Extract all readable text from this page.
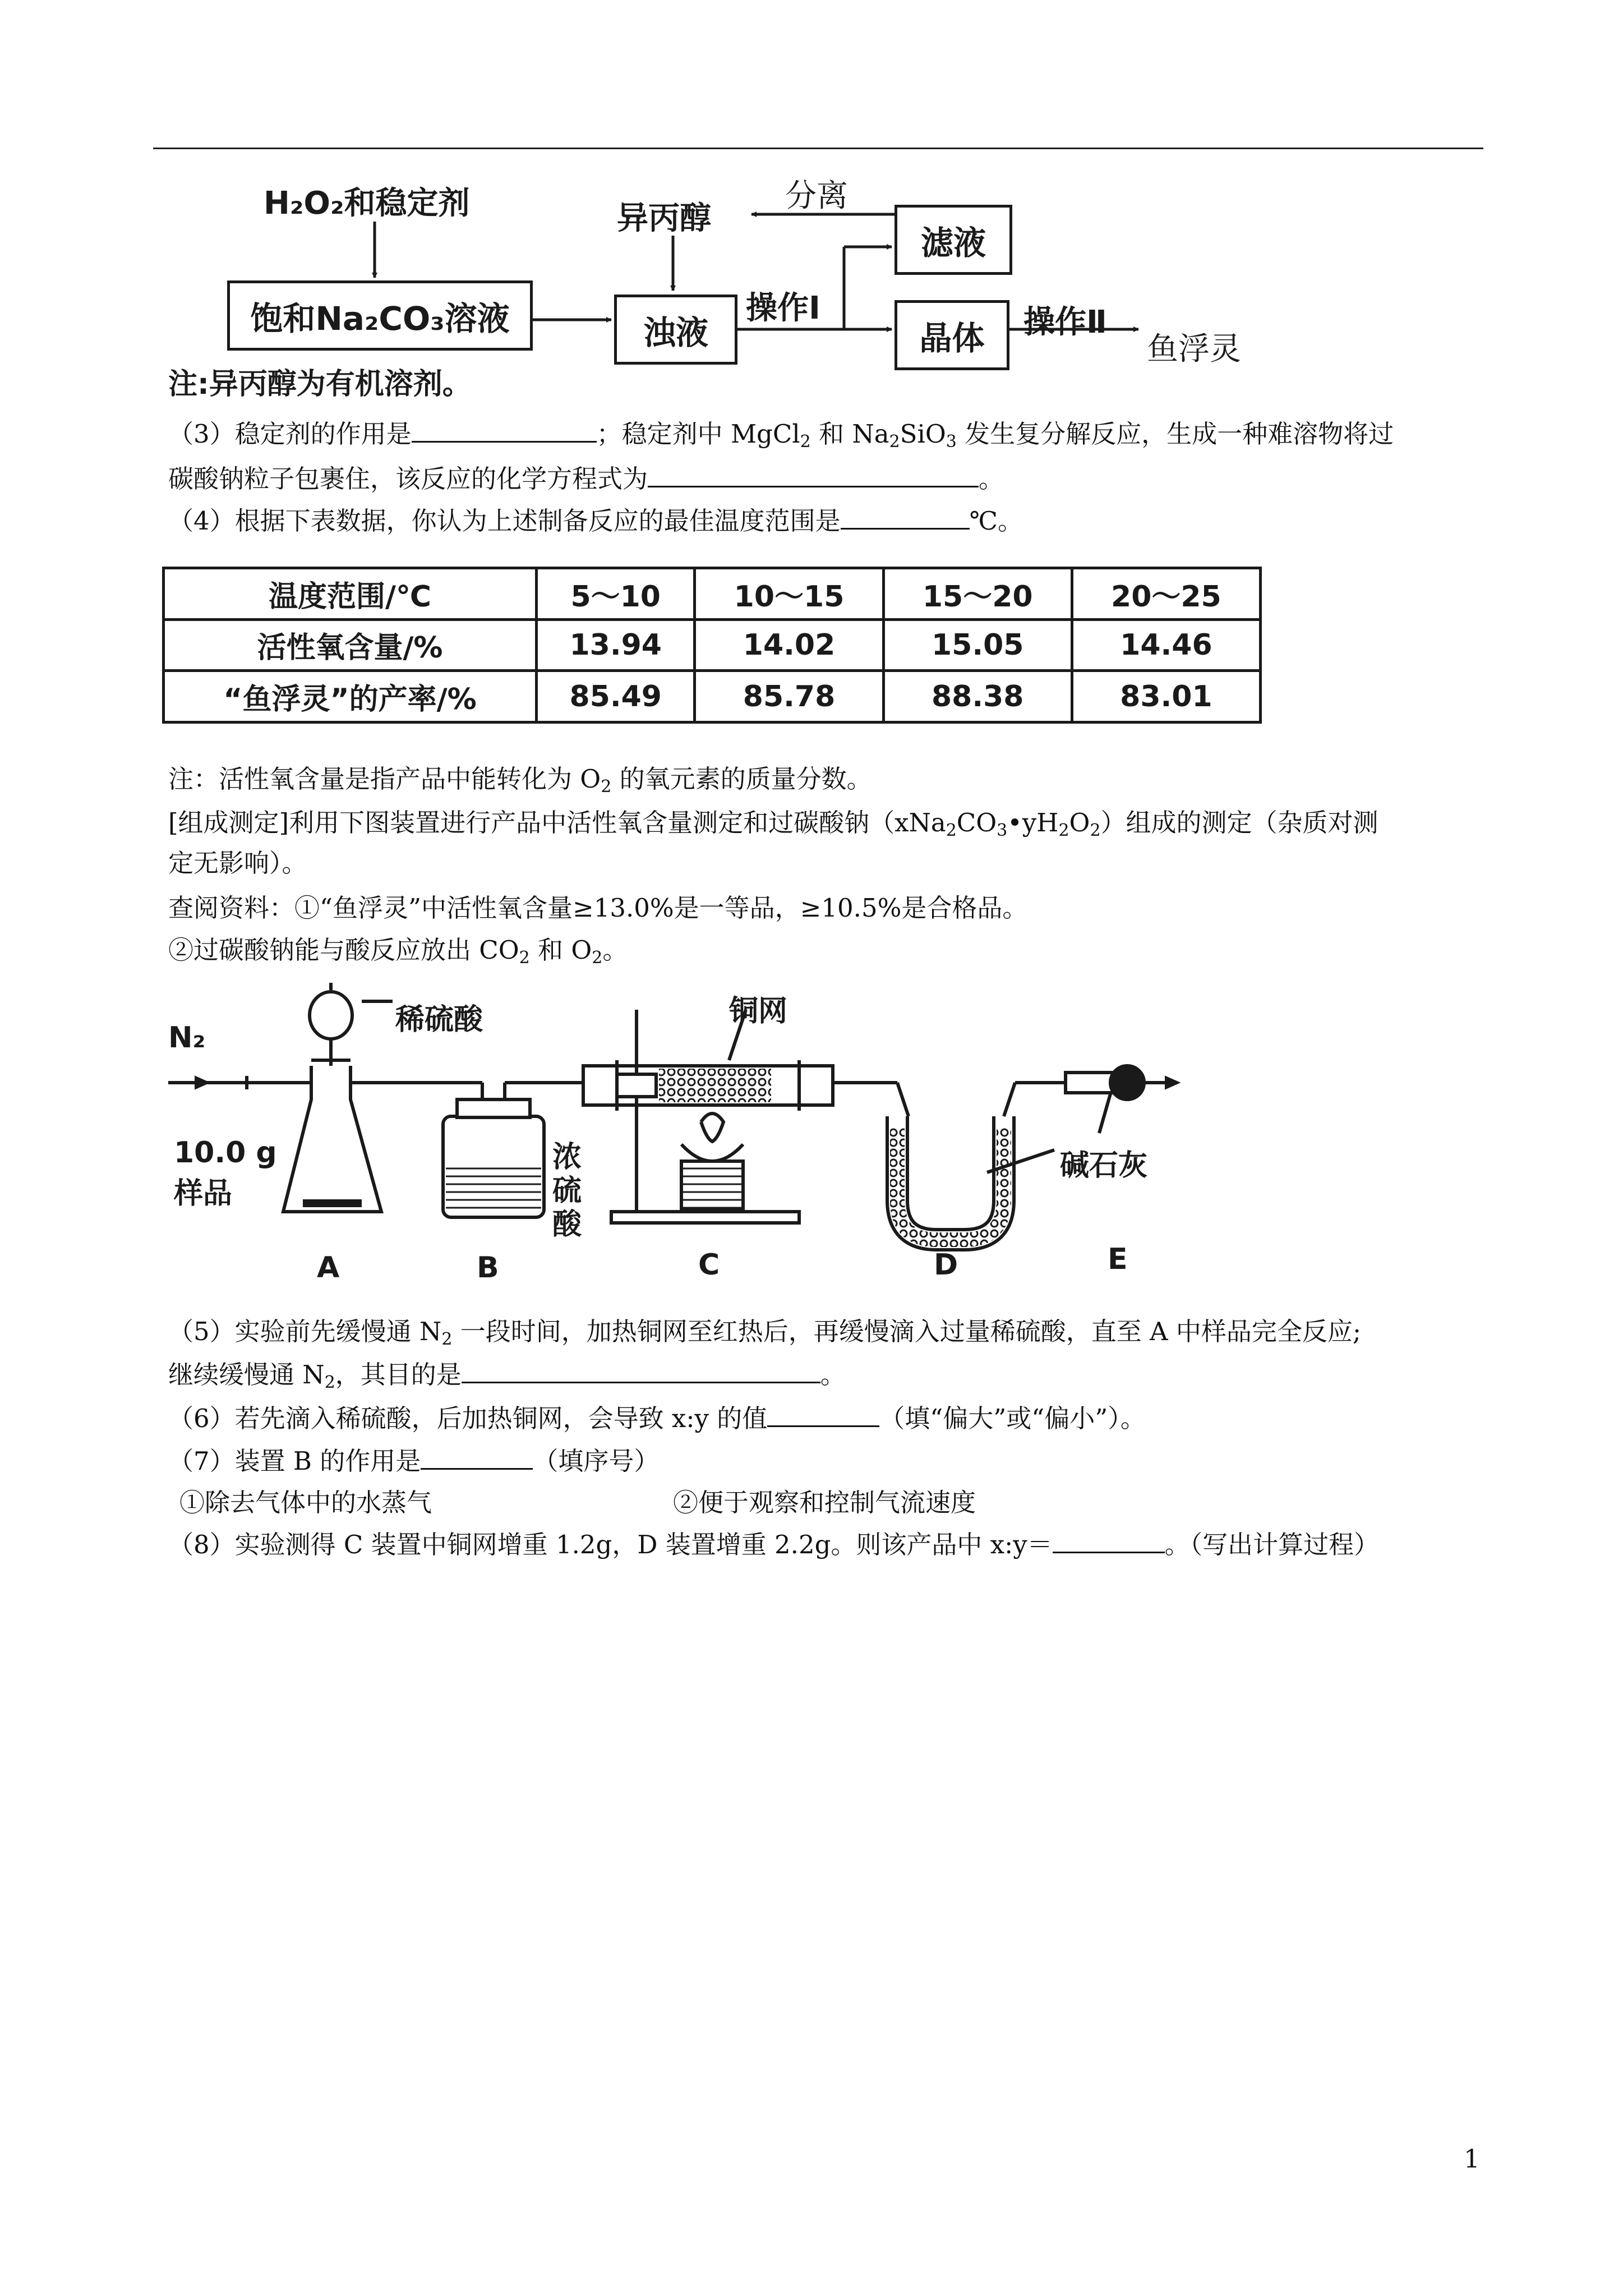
H₂O₂和稳定剂
饱和Na₂CO₃溶液
异丙醇
分离
滤液
浊液
操作Ⅰ
晶体	操作Ⅱ
鱼浮灵
注:异丙醇为有机溶剂。
（3）稳定剂的作用是	；稳定剂中 MgCl$_2$ 和 $Na_2SiO_3$ 发生复分解反应，生成一种难溶物将过
碳酸钠粒子包裹住，该反应的化学方程式为	。
（4）根据下表数据，你认为上述制备反应的最佳温度范围是	℃。
温度范围/℃	5～10	10～15	15～20	20～25
活性氧含量/%	13.94	14.02	15.05	14.46
“鱼浮灵”的产率/%	85.49	85.78	88.38	83.01
注：活性氧含量是指产品中能转化为 $O_2$ 的氧元素的质量分数。
[组成测定]利用下图装置进行产品中活性氧含量测定和过碳酸钠$(xNa_2CO_3•yH_2O_2)$组成的测定（杂质对测
定无影响）。
查阅资料：①“鱼浮灵”中活性氧含量≥13.0%是一等品，≥10.5%是合格品。
②过碳酸钠能与酸反应放出 $CO_2$ 和 $O_2$。
N₂
稀硫酸
10.0 g
样品
浓
硫
酸
铜网
碱石灰
A	B	C	D	E
（5）实验前先缓慢通 $N_2$ 一段时间，加热铜网至红热后，再缓慢滴入过量稀硫酸，直至 A 中样品完全反应;
继续缓慢通 $N_2$，其目的是	。
（6）若先滴入稀硫酸，后加热铜网，会导致 x:y 的值	（填“偏大”或“偏小”）。
（7）装置 B 的作用是	（填序号）
①除去气体中的水蒸气	②便于观察和控制气流速度
（8）实验测得 C 装置中铜网增重 1.2g，D 装置增重 2.2g。则该产品中 x:y＝	。（写出计算过程）
1
